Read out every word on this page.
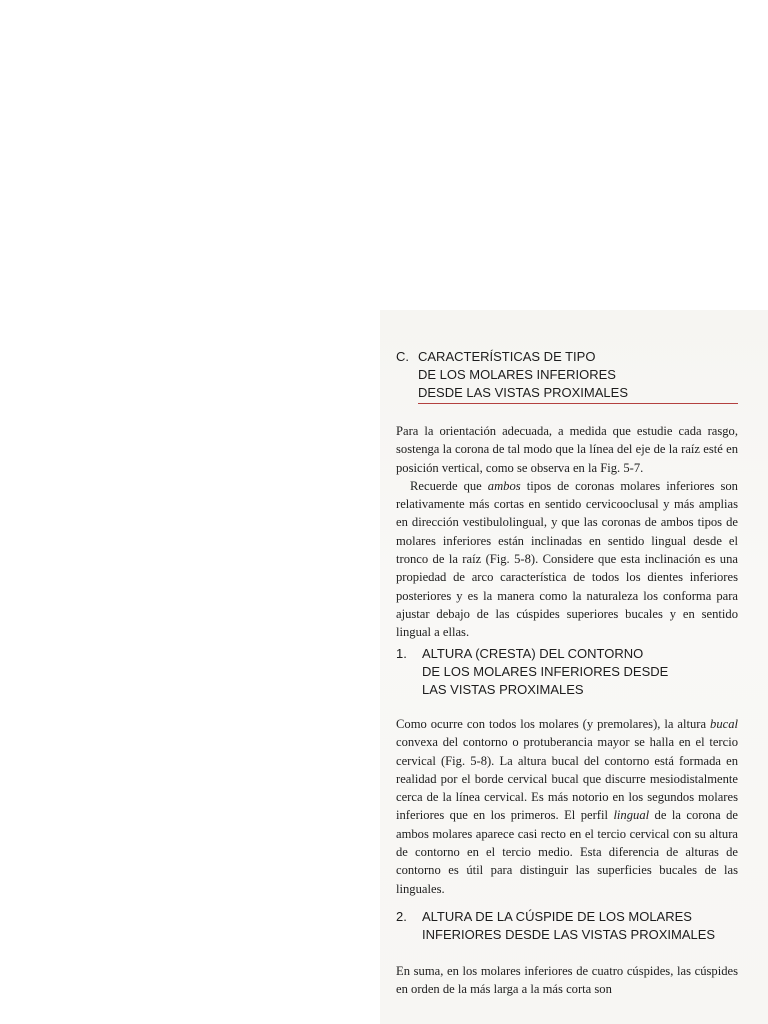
C. CARACTERÍSTICAS DE TIPO
DE LOS MOLARES INFERIORES
DESDE LAS VISTAS PROXIMALES

Para la orientación adecuada, a medida que estudie cada rasgo, sostenga la corona de tal modo que la línea del eje de la raíz esté en posición vertical, como se observa en la Fig. 5-7.

Recuerde que ambos tipos de coronas molares inferiores son relativamente más cortas en sentido cervicooclusal y más amplias en dirección vestibulolingual, y que las coronas de ambos tipos de molares inferiores están inclinadas en sentido lingual desde el tronco de la raíz (Fig. 5-8). Considere que esta inclinación es una propiedad de arco característica de todos los dientes inferiores posteriores y es la manera como la naturaleza los conforma para ajustar debajo de las cúspides superiores bucales y en sentido lingual a ellas.

1. ALTURA (CRESTA) DEL CONTORNO
DE LOS MOLARES INFERIORES DESDE
LAS VISTAS PROXIMALES

Como ocurre con todos los molares (y premolares), la altura bucal convexa del contorno o protuberancia mayor se halla en el tercio cervical (Fig. 5-8). La altura bucal del contorno está formada en realidad por el borde cervical bucal que discurre mesiodistalmente cerca de la línea cervical. Es más notorio en los segundos molares inferiores que en los primeros. El perfil lingual de la corona de ambos molares aparece casi recto en el tercio cervical con su altura de contorno en el tercio medio. Esta diferencia de alturas de contorno es útil para distinguir las superficies bucales de las linguales.

2. ALTURA DE LA CÚSPIDE DE LOS MOLARES
INFERIORES DESDE LAS VISTAS PROXIMALES

En suma, en los molares inferiores de cuatro cúspides, las cúspides en orden de la más larga a la más corta son
